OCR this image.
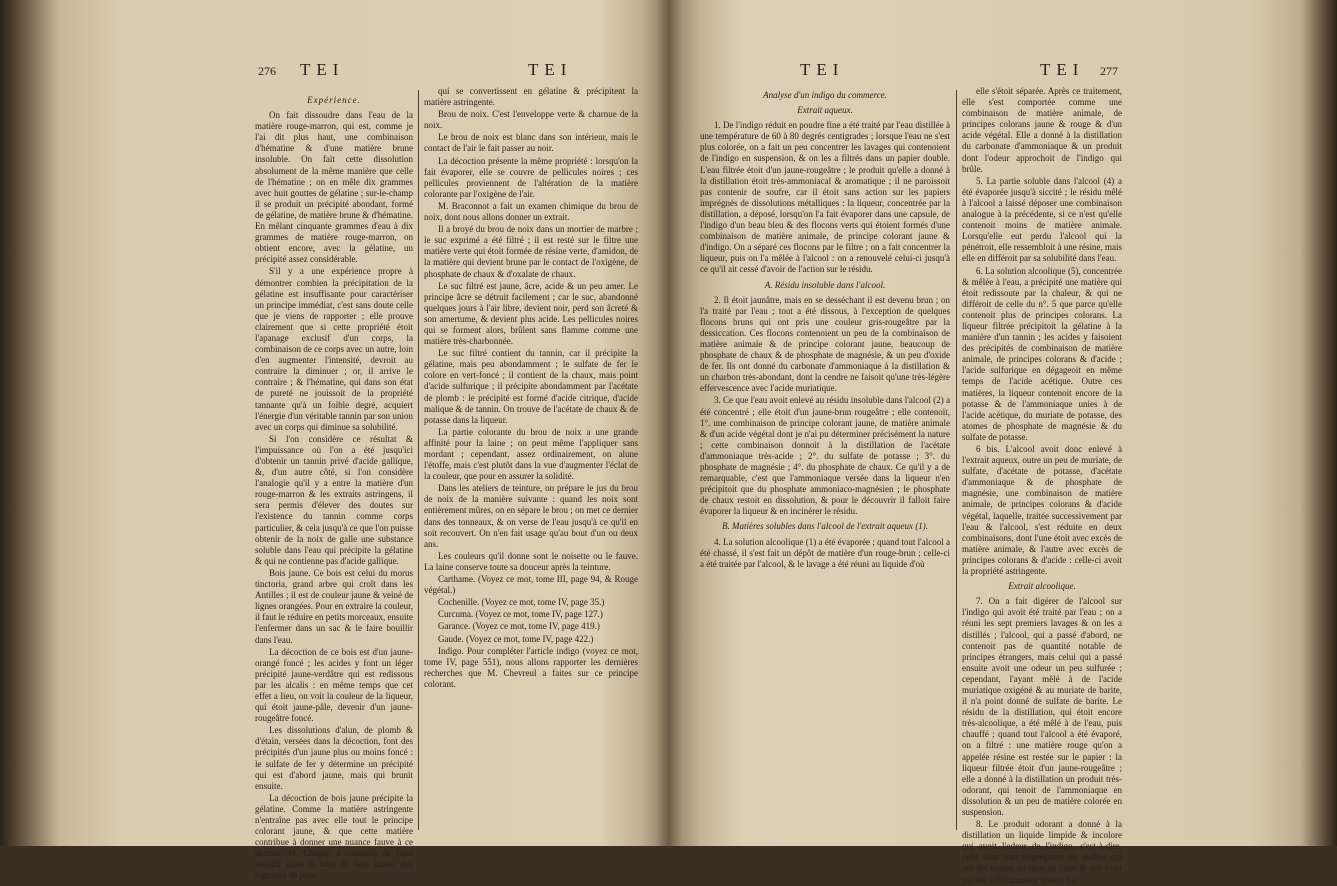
276 TEI	TEI

Expérience.

On fait dissoudre dans l'eau de la matière rouge-marron, qui est, comme je l'ai dit plus haut, une combinaison d'hématine & d'une matière brune insoluble. On fait cette dissolution absolument de la même manière que celle de l'hématine ; on en mêle dix grammes avec huit gouttes de gélatine ; sur-le-champ il se produit un précipité abondant, formé de gélatine, de matière brune & d'hématine. En mêlant cinquante grammes d'eau à dix grammes de matière rouge-marron, on obtient encore, avec la gélatine, un précipité assez considérable.

S'il y a une expérience propre à démontrer combien la précipitation de la gélatine est insuffisante pour caractériser un principe immédiat, c'est sans doute celle que je viens de rapporter ; elle prouve clairement que si cette propriété étoit l'apanage exclusif d'un corps, la combinaison de ce corps avec un autre, loin d'en augmenter l'intensité, devroit au contraire la diminuer ; or, il arrive le contraire ; & l'hématine, qui dans son état de pureté ne jouissoit de la propriété tannante qu'à un foible degré, acquiert l'énergie d'un véritable tannin par son union avec un corps qui diminue sa solubilité.

Si l'on considère ce résultat & l'impuissance où l'on a été jusqu'ici d'obtenir un tannin privé d'acide gallique, &, d'un autre côté, si l'on considère l'analogie qu'il y a entre la matière d'un rouge-marron & les extraits astringens, il sera permis d'élever des doutes sur l'existence du tannin comme corps particulier, & cela jusqu'à ce que l'on puisse obtenir de la noix de galle une substance soluble dans l'eau qui précipite la gélatine & qui ne contienne pas d'acide gallique.

Bois jaune. Ce bois est celui du morus tinctoria, grand arbre qui croît dans les Antilles ; il est de couleur jaune & veiné de lignes orangées. Pour en extraire la couleur, il faut le réduire en petits morceaux, ensuite l'enfermer dans un sac & le faire bouillir dans l'eau.

La décoction de ce bois est d'un jaune-orangé foncé ; les acides y font un léger précipité jaune-verdâtre qui est redissous par les alcalis : en même temps que cet effet a lieu, on voit la couleur de la liqueur, qui étoit jaune-pâle, devenir d'un jaune-rougeâtre foncé.

Les dissolutions d'alun, de plomb & d'étain, versées dans la décoction, font des précipités d'un jaune plus ou moins foncé : le sulfate de fer y détermine un précipité qui est d'abord jaune, mais qui brunit ensuite.

La décoction de bois jaune précipite la gélatine. Comme la matière astringente n'entraîne pas avec elle tout le principe colorant jaune, & que cette matière contribue à donner une nuance fauve à ce dernier, M. Chaptal a conseillé de faire bouillir dans le bain de bois jaune, des rognures de peau

qui se convertissent en gélatine & précipitent la matière astringente.

Brou de noix. C'est l'enveloppe verte & charnue de la noix.

Le brou de noix est blanc dans son intérieur, mais le contact de l'air le fait passer au noir.

La décoction présente la même propriété : lorsqu'on la fait évaporer, elle se couvre de pellicules noires ; ces pellicules proviennent de l'altération de la matière colorante par l'oxigène de l'air.

M. Braconnot a fait un examen chimique du brou de noix, dont nous allons donner un extrait.

Il a broyé du brou de noix dans un mortier de marbre ; le suc exprimé a été filtré ; il est resté sur le filtre une matière verte qui étoit formée de résine verte, d'amidon, de la matière qui devient brune par le contact de l'oxigène, de phosphate de chaux & d'oxalate de chaux.

Le suc filtré est jaune, âcre, acide & un peu amer. Le principe âcre se détruit facilement ; car le suc, abandonné quelques jours à l'air libre, devient noir, perd son âcreté & son amertume, & devient plus acide. Les pellicules noires qui se forment alors, brûlent sans flamme comme une matière très-charbonnée.

Le suc filtré contient du tannin, car il précipite la gélatine, mais peu abondamment ; le sulfate de fer le colore en vert-foncé ; il contient de la chaux, mais point d'acide sulfurique ; il précipite abondamment par l'acétate de plomb : le précipité est formé d'acide citrique, d'acide malique & de tannin. On trouve de l'acétate de chaux & de potasse dans la liqueur.

La partie colorante du brou de noix a une grande affinité pour la laine ; on peut même l'appliquer sans mordant ; cependant, assez ordinairement, on alune l'étoffe, mais c'est plutôt dans la vue d'augmenter l'éclat de la couleur, que pour en assurer la solidité.

Dans les ateliers de teinture, on prépare le jus du brou de noix de la manière suivante : quand les noix sont entièrement mûres, on en sépare le brou ; on met ce dernier dans des tonneaux, & on verse de l'eau jusqu'à ce qu'il en soit recouvert. On n'en fait usage qu'au bout d'un ou deux ans.

Les couleurs qu'il donne sont le noisette ou le fauve. La laine conserve toute sa douceur après la teinture.

Carthame. (Voyez ce mot, tome III, page 94, & Rouge végétal.)

Cochenille. (Voyez ce mot, tome IV, page 35.)

Curcuma. (Voyez ce mot, tome IV, page 127.)

Garance. (Voyez ce mot, tome IV, page 419.)

Gaude. (Voyez ce mot, tome IV, page 422.)

Indigo. Pour compléter l'article indigo (voyez ce mot, tome IV, page 551), nous allons rapporter les dernières recherches que M. Chevreul a faites sur ce principe colorant.

TEI	TEI 277

Analyse d'un indigo du commerce.

Extrait aqueux.

1. De l'indigo réduit en poudre fine a été traité par l'eau distillée à une température de 60 à 80 degrés centigrades ; lorsque l'eau ne s'est plus colorée, on a fait un peu concentrer les lavages qui contenoient de l'indigo en suspension, & on les a filtrés dans un papier double. L'eau filtrée étoit d'un jaune-rougeâtre ; le produit qu'elle a donné à la distillation étoit très-ammoniacal & aromatique ; il ne paroissoit pas contenir de soufre, car il étoit sans action sur les papiers imprégnés de dissolutions métalliques : la liqueur, concentrée par la distillation, a déposé, lorsqu'on l'a fait évaporer dans une capsule, de l'indigo d'un beau bleu & des flocons verts qui étoient formés d'une combinaison de matière animale, de principe colorant jaune & d'indigo. On a séparé ces flocons par le filtre ; on a fait concentrer la liqueur, puis on l'a mêlée à l'alcool : on a renouvelé celui-ci jusqu'à ce qu'il ait cessé d'avoir de l'action sur le résidu.

A. Résidu insoluble dans l'alcool.

2. Il étoit jaunâtre, mais en se desséchant il est devenu brun ; on l'a traité par l'eau ; tout a été dissous, à l'exception de quelques flocons bruns qui ont pris une couleur gris-rougeâtre par la dessiccation. Ces flocons contenoient un peu de la combinaison de matière animale & de principe colorant jaune, beaucoup de phosphate de chaux & de phosphate de magnésie, & un peu d'oxide de fer. Ils ont donné du carbonate d'ammoniaque à la distillation & un charbon très-abondant, dont la cendre ne faisoit qu'une très-légère effervescence avec l'acide muriatique.

3. Ce que l'eau avoit enlevé au résidu insoluble dans l'alcool (2) a été concentré ; elle étoit d'un jaune-brun rougeâtre ; elle contenoit, 1°. une combinaison de principe colorant jaune, de matière animale & d'un acide végétal dont je n'ai pu déterminer précisément la nature ; cette combinaison donnoit à la distillation de l'acétate d'ammoniaque très-acide ; 2°. du sulfate de potasse ; 3°. du phosphate de magnésie ; 4°. du phosphate de chaux. Ce qu'il y a de remarquable, c'est que l'ammoniaque versée dans la liqueur n'en précipitoit que du phosphate ammoniaco-magnésien ; le phosphate de chaux restoit en dissolution, & pour le découvrir il falloit faire évaporer la liqueur & en incinérer le résidu.

B. Matières solubles dans l'alcool de l'extrait aqueux (1).

4. La solution alcoolique (1) a été évaporée ; quand tout l'alcool a été chassé, il s'est fait un dépôt de matière d'un rouge-brun ; celle-ci a été traitée par l'alcool, & le lavage a été réuni au liquide d'où

elle s'étoit séparée. Après ce traitement, elle s'est comportée comme une combinaison de matière animale, de principes colorans jaune & rouge & d'un acide végétal. Elle a donné à la distillation du carbonate d'ammoniaque & un produit dont l'odeur approchoit de l'indigo qui brûle.

5. La partie soluble dans l'alcool (4) a été évaporée jusqu'à siccité ; le résidu mêlé à l'alcool a laissé déposer une combinaison analogue à la précédente, si ce n'est qu'elle contenoit moins de matière animale. Lorsqu'elle eut perdu l'alcool qui la pénétroit, elle ressembloit à une résine, mais elle en différoit par sa solubilité dans l'eau.

6. La solution alcoolique (5), concentrée & mêlée à l'eau, a précipité une matière qui étoit redissoute par la chaleur, & qui ne différoit de celle du n°. 5 que parce qu'elle contenoit plus de principes colorans. La liqueur filtrée précipitoit la gélatine à la manière d'un tannin ; les acides y faisoient des précipités de combinaison de matière animale, de principes colorans & d'acide ; l'acide sulfurique en dégageoit en même temps de l'acide acétique. Outre ces matières, la liqueur contenoit encore de la potasse & de l'ammoniaque unies à de l'acide acétique, du muriate de potasse, des atomes de phosphate de magnésie & du sulfate de potasse.

6 bis. L'alcool avoit donc enlevé à l'extrait aqueux, outre un peu de muriate, de sulfate, d'acétate de potasse, d'acétate d'ammoniaque & de phosphate de magnésie, une combinaison de matière animale, de principes colorans & d'acide végétal, laquelle, traitée successivement par l'eau & l'alcool, s'est réduite en deux combinaisons, dont l'une étoit avec excès de matière animale, & l'autre avec excès de principes colorans & d'acide : celle-ci avoit la propriété astringente.

Extrait alcoolique.

7. On a fait digérer de l'alcool sur l'indigo qui avoit été traité par l'eau ; on a réuni les sept premiers lavages & on les a distillés ; l'alcool, qui a passé d'abord, ne contenoit pas de quantité notable de principes étrangers, mais celui qui a passé ensuite avoit une odeur un peu sulfurée ; cependant, l'ayant mêlé à de l'acide muriatique oxigéné & au muriate de barite, il n'a point donné de sulfate de barite. Le résidu de la distillation, qui étoit encore très-alcoolique, a été mêlé à de l'eau, puis chauffé ; quand tout l'alcool a été évaporé, on a filtré : une matière rouge qu'on a appelée résine est restée sur le papier : la liqueur filtrée étoit d'un jaune-rougeâtre ; elle a donné à la distillation un produit très-odorant, qui tenoit de l'ammoniaque en dissolution & un peu de matière colorée en suspension.

8. Le produit odorant a donné à la distillation un liquide limpide & incolore qui avoit l'odeur de l'indigo, c'est-à-dire, celle dont sont imprégnées les étoffes qui ont été teintes en bleu de cuve & qui n'ont pas été suffisamment lavées. Le
